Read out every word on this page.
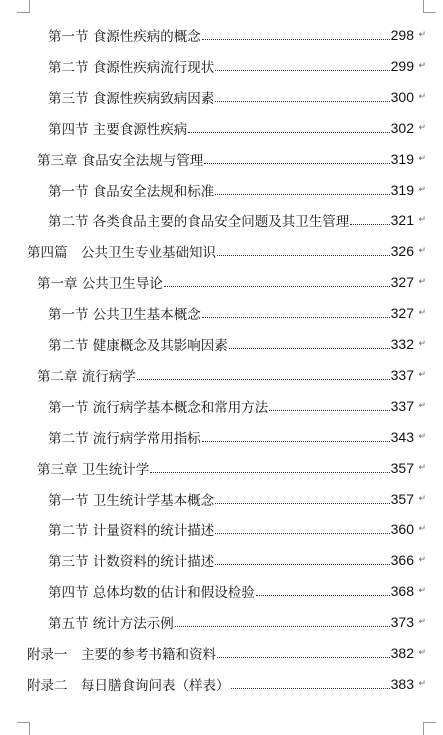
第一节 食源性疾病的概念	298 ↵
第二节 食源性疾病流行现状	299 ↵
第三节 食源性疾病致病因素	300 ↵
第四节 主要食源性疾病	302 ↵
第三章 食品安全法规与管理	319 ↵
第一节 食品安全法规和标准	319 ↵
第二节 各类食品主要的食品安全问题及其卫生管理	321 ↵
第四篇　公共卫生专业基础知识	326 ↵
第一章 公共卫生导论	327 ↵
第一节 公共卫生基本概念	327 ↵
第二节 健康概念及其影响因素	332 ↵
第二章 流行病学	337 ↵
第一节 流行病学基本概念和常用方法	337 ↵
第二节 流行病学常用指标	343 ↵
第三章 卫生统计学	357 ↵
第一节 卫生统计学基本概念	357 ↵
第二节 计量资料的统计描述	360 ↵
第三节 计数资料的统计描述	366 ↵
第四节 总体均数的估计和假设检验	368 ↵
第五节 统计方法示例	373 ↵
附录一　主要的参考书籍和资料	382 ↵
附录二　每日膳食询问表（样表）	383 ↵
